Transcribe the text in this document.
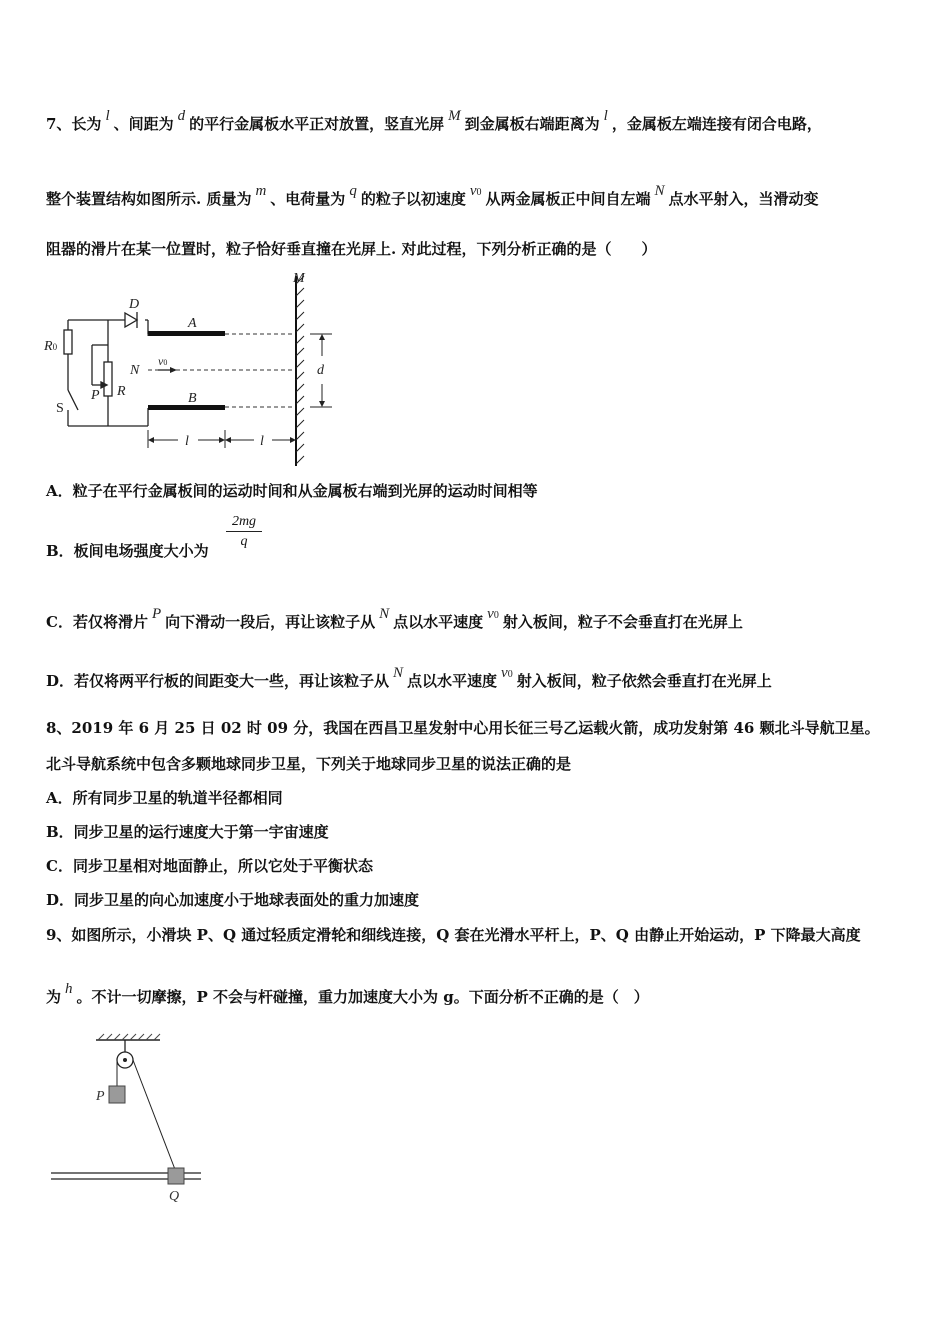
7、长为 l 、间距为 d 的平行金属板水平正对放置，竖直光屏 M 到金属板右端距离为 l ，金属板左端连接有闭合电路，
整个装置结构如图所示. 质量为 m 、电荷量为 q 的粒子以初速度 v0 从两金属板正中间自左端 N 点水平射入，当滑动变
阻器的滑片在某一位置时，粒子恰好垂直撞在光屏上. 对此过程，下列分析正确的是（　　）
M
D
A
B
R0
N
v0
P R
S
d
l	l
A．粒子在平行金属板间的运动时间和从金属板右端到光屏的运动时间相等
B．板间电场强度大小为
$\frac{2mg}{q}$
C．若仅将滑片 P 向下滑动一段后，再让该粒子从 N 点以水平速度 v0 射入板间，粒子不会垂直打在光屏上
D．若仅将两平行板的间距变大一些，再让该粒子从 N 点以水平速度 v0 射入板间，粒子依然会垂直打在光屏上
8、2019 年 6 月 25 日 02 时 09 分，我国在西昌卫星发射中心用长征三号乙运载火箭，成功发射第 46 颗北斗导航卫星。
北斗导航系统中包含多颗地球同步卫星，下列关于地球同步卫星的说法正确的是
A．所有同步卫星的轨道半径都相同
B．同步卫星的运行速度大于第一宇宙速度
C．同步卫星相对地面静止，所以它处于平衡状态
D．同步卫星的向心加速度小于地球表面处的重力加速度
9、如图所示，小滑块 P、Q 通过轻质定滑轮和细线连接，Q 套在光滑水平杆上，P、Q 由静止开始运动，P 下降最大高度
为 h 。不计一切摩擦，P 不会与杆碰撞，重力加速度大小为 g。下面分析不正确的是（　）
P
Q
